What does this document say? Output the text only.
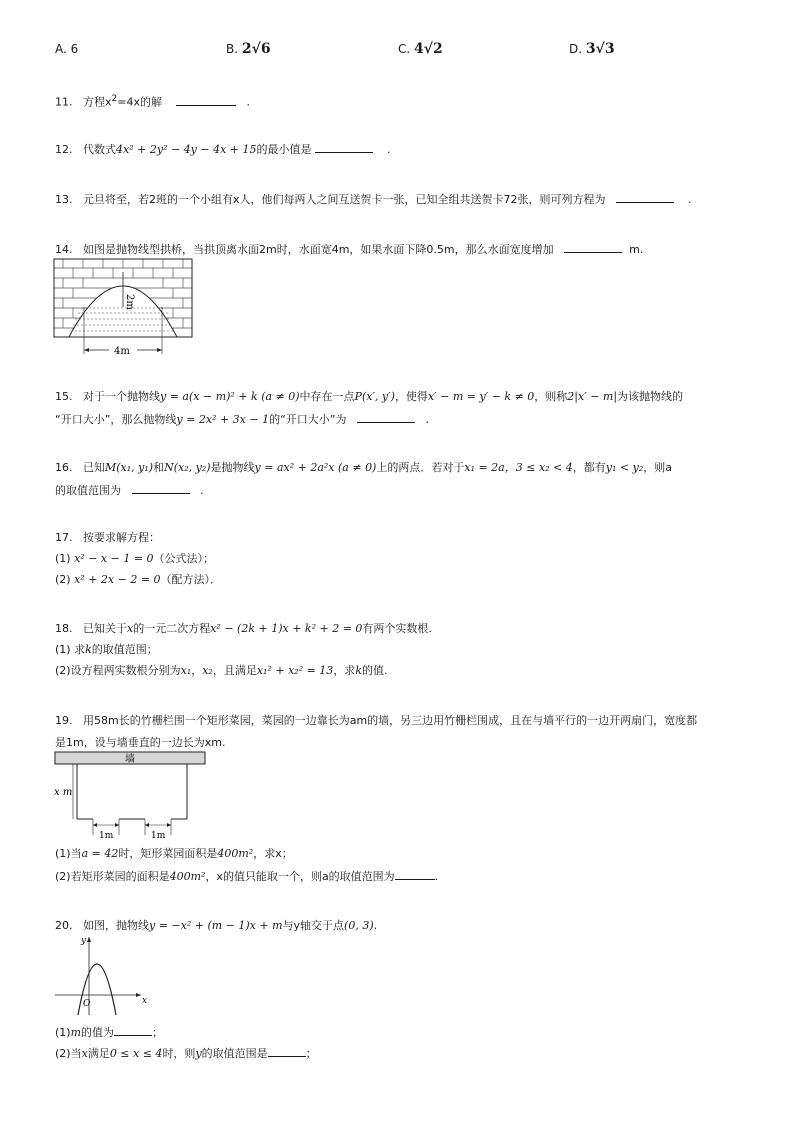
A. 6	B. 2√6	C. 4√2	D. 3√3
11. 方程$x^2=4x$的解	.
12. 代数式4x² + 2y² − 4y − 4x + 15的最小值是	.
13. 元旦将至，若2班的一个小组有x人，他们每两人之间互送贺卡一张，已知全组共送贺卡72张，则可列方程为	.
14. 如图是抛物线型拱桥，当拱顶离水面2m时，水面宽4m，如果水面下降0.5m，那么水面宽度增加	m.
2m
4m
15. 对于一个抛物线y = a(x − m)² + k (a ≠ 0)中存在一点P(x′, y′)，使得x′ − m = y′ − k ≠ 0，则称2|x′ − m|为该抛物线的
“开口大小”，那么抛物线y = 2x² + 3x − 1的“开口大小”为	.
16. 已知M(x₁, y₁)和N(x₂, y₂)是抛物线y = ax² + 2a²x (a ≠ 0)上的两点．若对于x₁ = 2a，3 ≤ x₂ < 4，都有y₁ < y₂，则a
的取值范围为	.
17. 按要求解方程：
(1) x² − x − 1 = 0（公式法）；
(2) x² + 2x − 2 = 0（配方法）．
18. 已知关于x的一元二次方程x² − (2k + 1)x + k² + 2 = 0有两个实数根.
(1) 求k的取值范围；
(2)设方程两实数根分别为x₁，x₂，且满足x₁² + x₂² = 13，求k的值.
19. 用58m长的竹栅栏围一个矩形菜园，菜园的一边靠长为am的墙，另三边用竹栅栏围成，且在与墙平行的一边开两扇门，宽度都
是1m，设与墙垂直的一边长为xm.
墙
x m
1m	1m
(1)当a = 42时，矩形菜园面积是400m²，求x；
(2)若矩形菜园的面积是400m²，x的值只能取一个，则a的取值范围为	.
20. 如图，抛物线y = −x² + (m − 1)x + m与y轴交于点(0, 3).
x
y
O
(1)m的值为	；
(2)当x满足0 ≤ x ≤ 4时，则y的取值范围是	；
